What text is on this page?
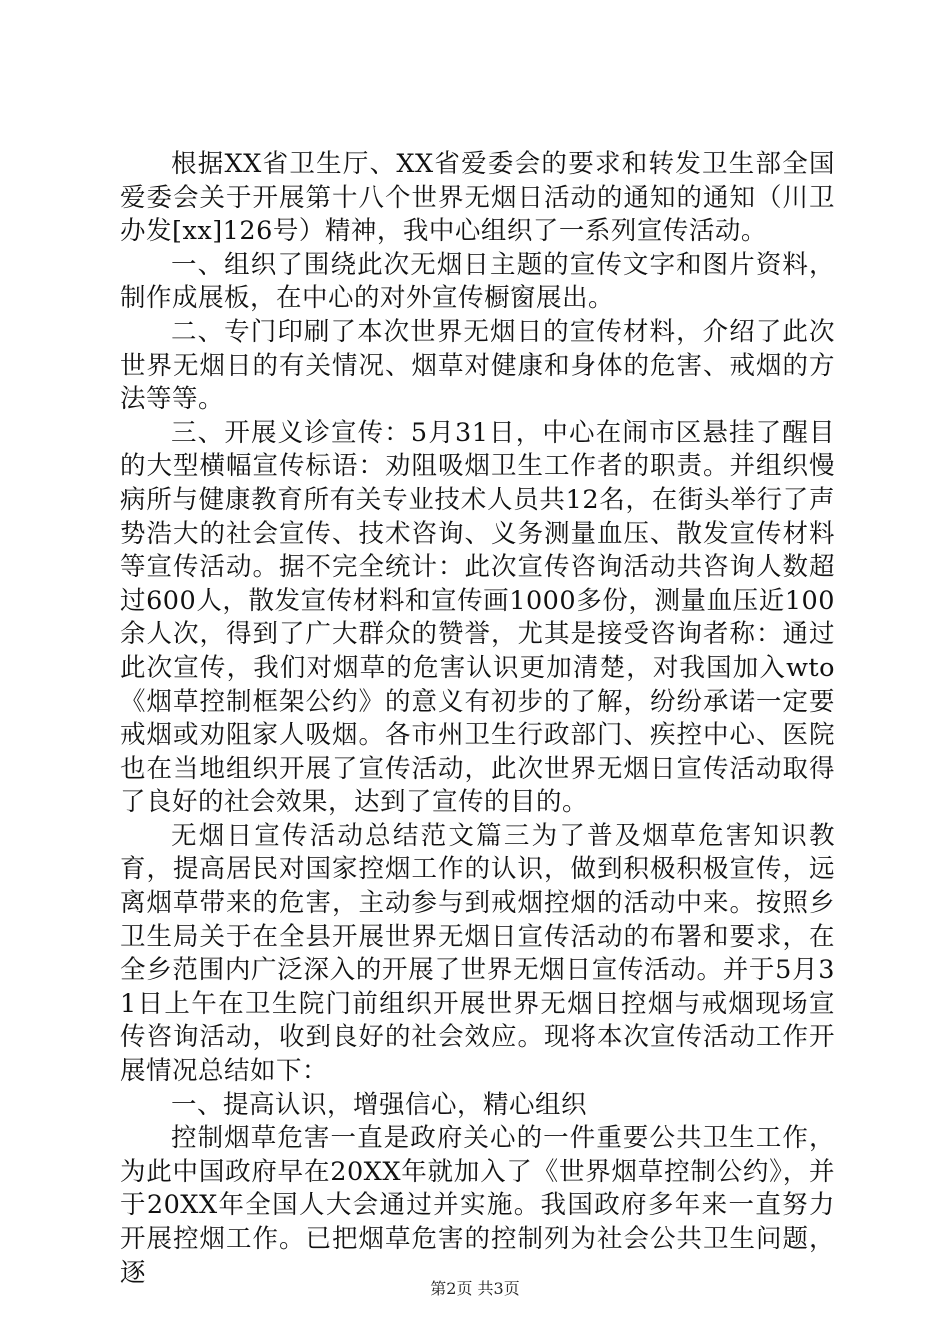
根据XX省卫生厅、XX省爱委会的要求和转发卫生部全国爱委会关于开展第十八个世界无烟日活动的通知的通知（川卫办发[xx]126号）精神，我中心组织了一系列宣传活动。

一、组织了围绕此次无烟日主题的宣传文字和图片资料，制作成展板，在中心的对外宣传橱窗展出。

二、专门印刷了本次世界无烟日的宣传材料，介绍了此次世界无烟日的有关情况、烟草对健康和身体的危害、戒烟的方法等等。

三、开展义诊宣传：5月31日，中心在闹市区悬挂了醒目的大型横幅宣传标语：劝阻吸烟卫生工作者的职责。并组织慢病所与健康教育所有关专业技术人员共12名，在街头举行了声势浩大的社会宣传、技术咨询、义务测量血压、散发宣传材料等宣传活动。据不完全统计：此次宣传咨询活动共咨询人数超过600人，散发宣传材料和宣传画1000多份，测量血压近100余人次，得到了广大群众的赞誉，尤其是接受咨询者称：通过此次宣传，我们对烟草的危害认识更加清楚，对我国加入wto《烟草控制框架公约》的意义有初步的了解，纷纷承诺一定要戒烟或劝阻家人吸烟。各市州卫生行政部门、疾控中心、医院也在当地组织开展了宣传活动，此次世界无烟日宣传活动取得了良好的社会效果，达到了宣传的目的。

无烟日宣传活动总结范文篇三为了普及烟草危害知识教育，提高居民对国家控烟工作的认识，做到积极积极宣传，远离烟草带来的危害，主动参与到戒烟控烟的活动中来。按照乡卫生局关于在全县开展世界无烟日宣传活动的布署和要求，在全乡范围内广泛深入的开展了世界无烟日宣传活动。并于5月31日上午在卫生院门前组织开展世界无烟日控烟与戒烟现场宣传咨询活动，收到良好的社会效应。现将本次宣传活动工作开展情况总结如下：

一、提高认识，增强信心，精心组织

控制烟草危害一直是政府关心的一件重要公共卫生工作，为此中国政府早在20XX年就加入了《世界烟草控制公约》，并于20XX年全国人大会通过并实施。我国政府多年来一直努力开展控烟工作。已把烟草危害的控制列为社会公共卫生问题，逐

第2页 共3页
